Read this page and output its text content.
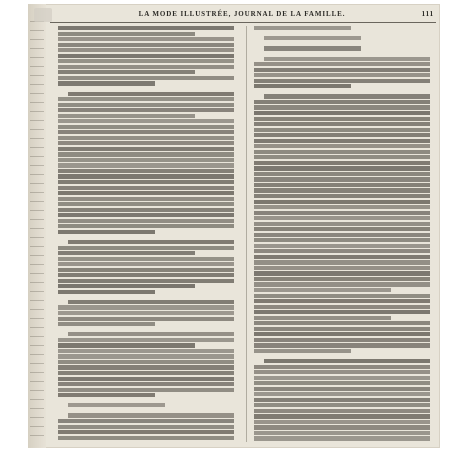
LA MODE ILLUSTRÉE, JOURNAL DE LA FAMILLE.	111
